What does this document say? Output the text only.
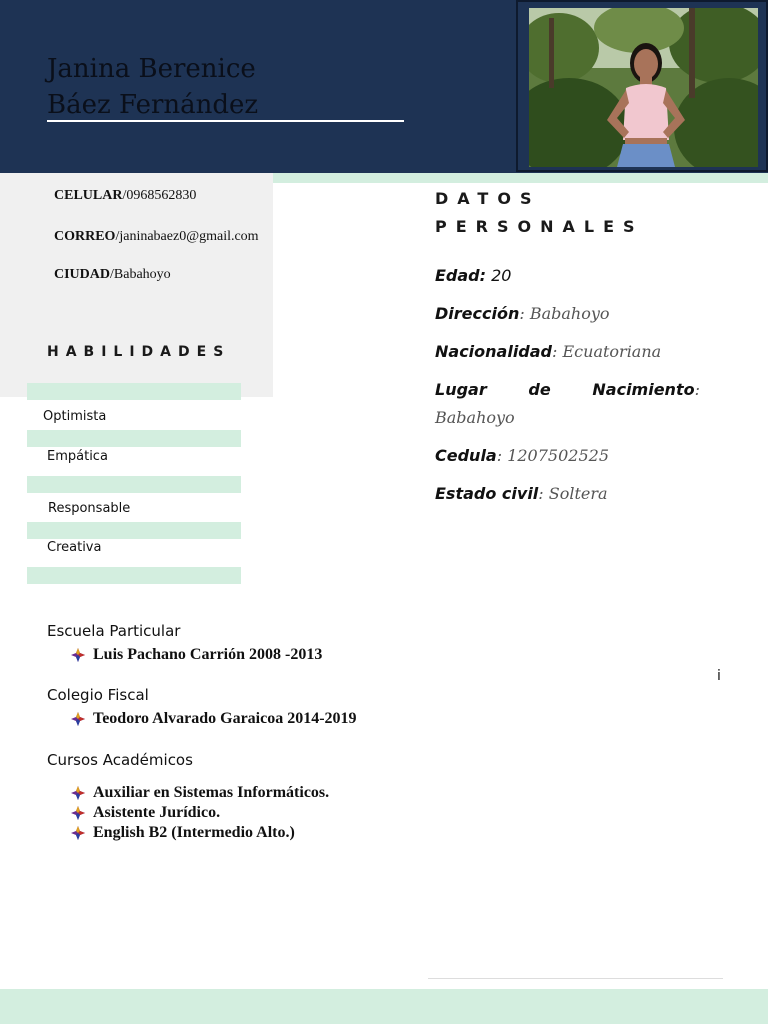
Janina Berenice
Báez Fernández
CELULAR/0968562830
CORREO/janinabaez0@gmail.com
CIUDAD/Babahoyo
HABILIDADES
Optimista
Empática
Responsable
Creativa
DATOS
PERSONALES
Edad: 20
Dirección: Babahoyo
Nacionalidad: Ecuatoriana
Lugar	de	Nacimiento:
Babahoyo
Cedula: 1207502525
Estado civil: Soltera
Escuela Particular
Luis Pachano Carrión 2008 -2013
Colegio Fiscal
Teodoro Alvarado Garaicoa 2014-2019
Cursos Académicos
Auxiliar en Sistemas Informáticos.
Asistente Jurídico.
English B2 (Intermedio Alto.)
i
